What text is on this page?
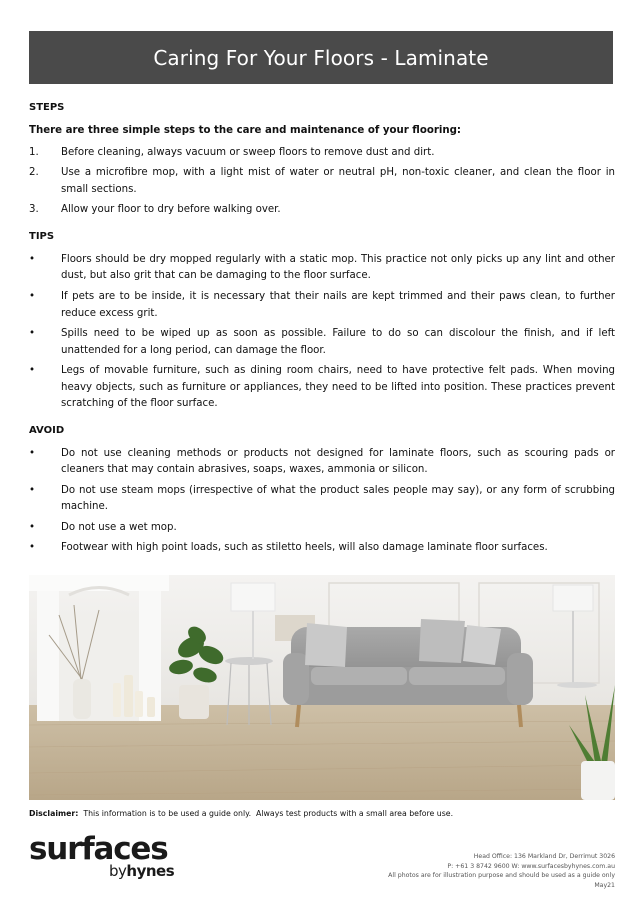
Caring For Your Floors - Laminate
STEPS
There are three simple steps to the care and maintenance of your flooring:
1. Before cleaning, always vacuum or sweep floors to remove dust and dirt.
2. Use a microfibre mop, with a light mist of water or neutral pH, non-toxic cleaner, and clean the floor in small sections.
3. Allow your floor to dry before walking over.
TIPS
•	Floors should be dry mopped regularly with a static mop. This practice not only picks up any lint and other dust, but also grit that can be damaging to the floor surface.
•	If pets are to be inside, it is necessary that their nails are kept trimmed and their paws clean, to further reduce excess grit.
•	Spills need to be wiped up as soon as possible. Failure to do so can discolour the finish, and if left unattended for a long period, can damage the floor.
•	Legs of movable furniture, such as dining room chairs, need to have protective felt pads. When moving heavy objects, such as furniture or appliances, they need to be lifted into position. These practices prevent scratching of the floor surface.
AVOID
•	Do not use cleaning methods or products not designed for laminate floors, such as scouring pads or cleaners that may contain abrasives, soaps, waxes, ammonia or silicon.
•	Do not use steam mops (irrespective of what the product sales people may say), or any form of scrubbing machine.
•	Do not use a wet mop.
•	Footwear with high point loads, such as stiletto heels, will also damage laminate floor surfaces.
Disclaimer:  This information is to be used a guide only.  Always test products with a small area before use.
surfaces
byhynes
Head Office: 136 Markland Dr, Derrimut 3026
P: +61 3 8742 9600 W: www.surfacesbyhynes.com.au
All photos are for illustration purpose and should be used as a guide only
May21
